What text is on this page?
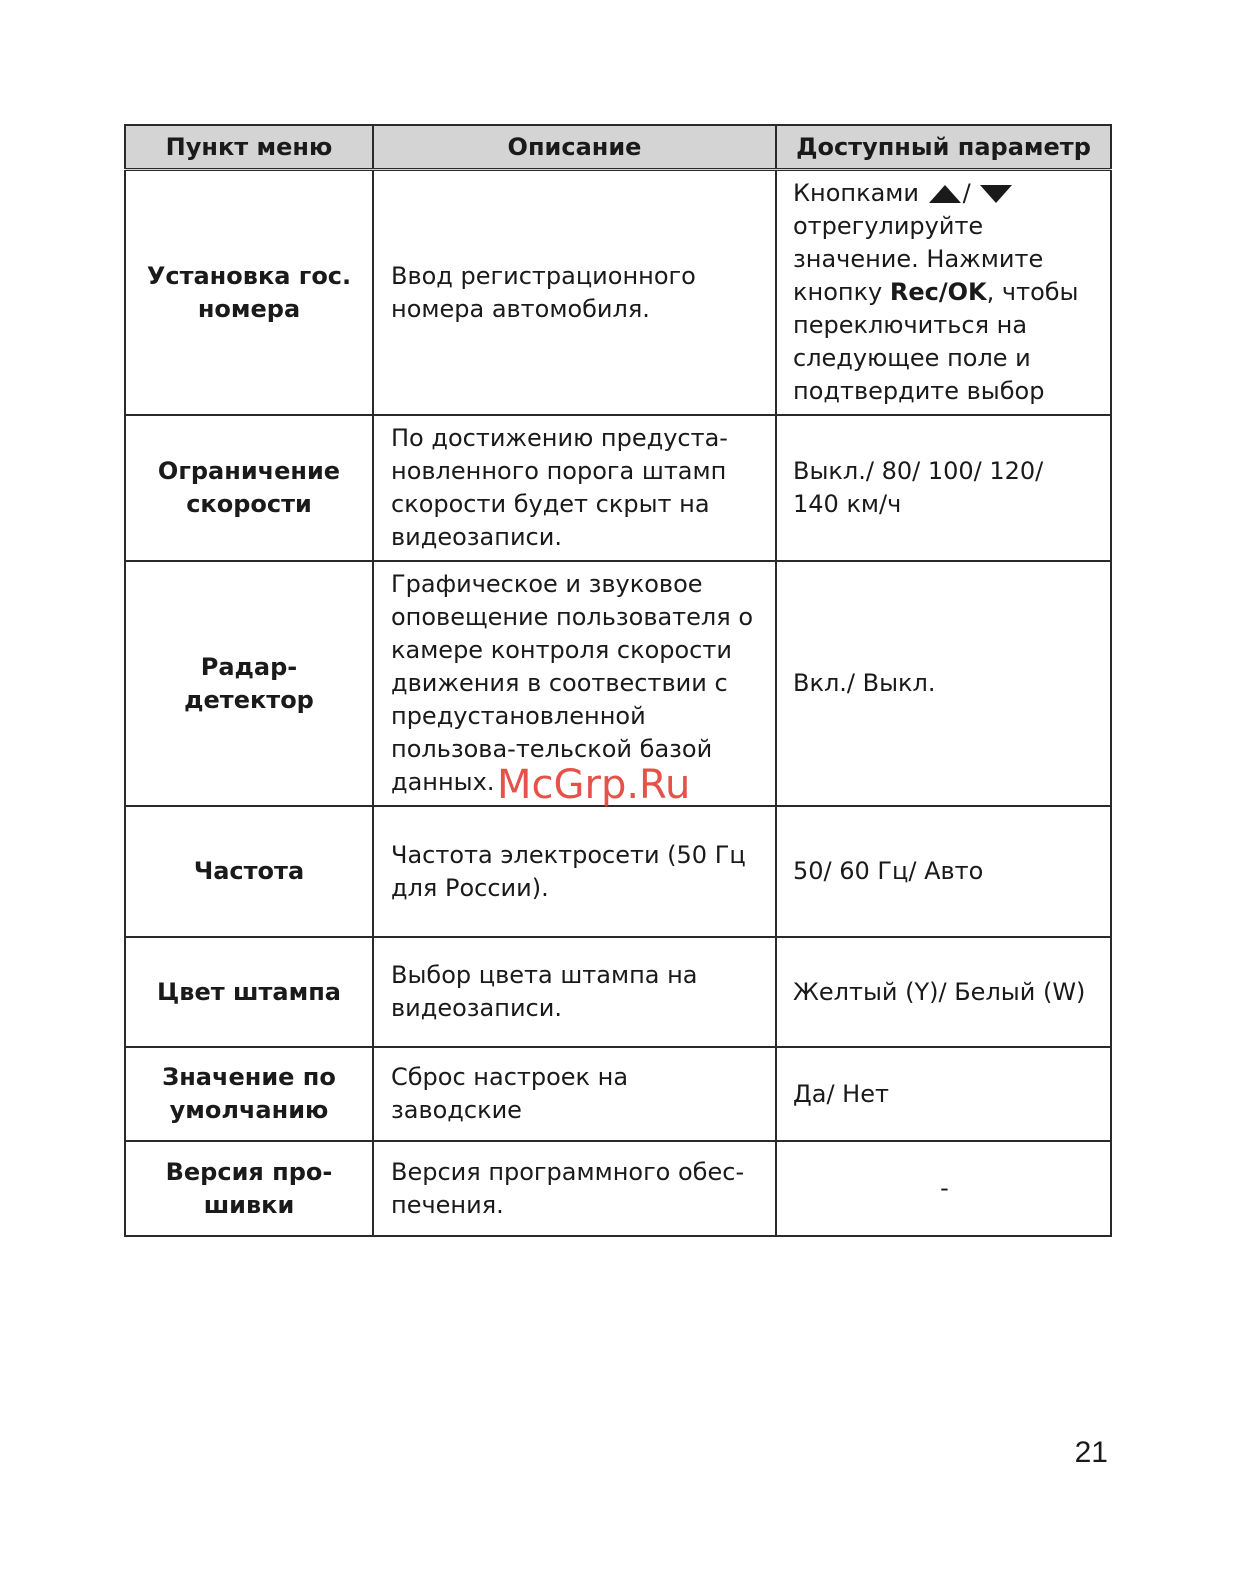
Пункт меню	Описание	Доступный параметр
Установка гос. номера	Ввод регистрационного номера автомобиля.	Кнопками /  отрегулируйте значение. Нажмите кнопку Rec/OK, чтобы переключиться на следующее поле и подтвердите выбор
Ограничение скорости	По достижению предуста-новленного порога штамп скорости будет скрыт на видеозаписи.	Выкл./ 80/ 100/ 120/ 140 км/ч
Радар-детектор	Графическое и звуковое оповещение пользователя о камере контроля скорости движения в соотвествии с предустановленной пользова-тельской базой данных.	Вкл./ Выкл.
Частота	Частота электросети (50 Гц для России).	50/ 60 Гц/ Авто
Цвет штампа	Выбор цвета штампа на видеозаписи.	Желтый (Y)/ Белый (W)
Значение по умолчанию	Сброс настроек на заводские	Да/ Нет
Версия про-шивки	Версия программного обес-печения.	-
McGrp.Ru
21
